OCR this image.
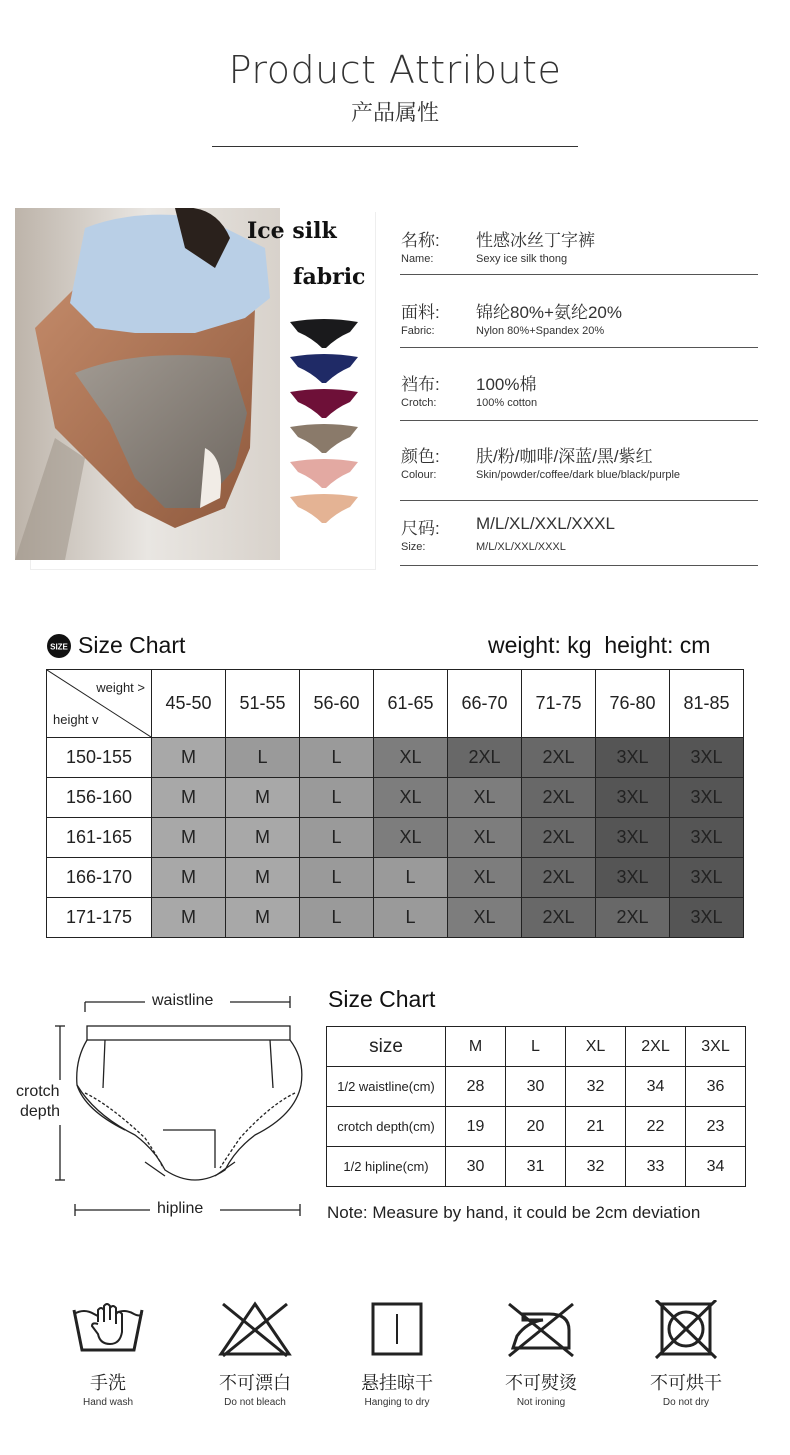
Product Attribute
产品属性
Ice silk
fabric
名称: 性感冰丝丁字裤
Name:	Sexy ice silk thong
面料: 锦纶80%+氨纶20%
Fabric:	Nylon 80%+Spandex 20%
裆布: 100%棉
Crotch:	100% cotton
颜色: 肤/粉/咖啡/深蓝/黑/紫红
Colour:	Skin/powder/coffee/dark blue/black/purple
尺码: M/L/XL/XXL/XXXL
Size:	M/L/XL/XXL/XXXL
SIZE Size Chart	weight: kg  height: cm
weight >
height v	45-50	51-55	56-60	61-65	66-70	71-75	76-80	81-85
150-155	M	L	L	XL	2XL	2XL	3XL	3XL
156-160	M	M	L	XL	XL	2XL	3XL	3XL
161-165	M	M	L	XL	XL	2XL	3XL	3XL
166-170	M	M	L	L	XL	2XL	3XL	3XL
171-175	M	M	L	L	XL	2XL	2XL	3XL
waistline
crotch
depth
hipline
Size Chart
size	M	L	XL	2XL	3XL
1/2 waistline(cm)	28	30	32	34	36
crotch depth(cm)	19	20	21	22	23
1/2 hipline(cm)	30	31	32	33	34
Note: Measure by hand, it could be 2cm deviation
手洗
Hand wash
不可漂白
Do not bleach
悬挂晾干
Hanging to dry
不可熨烫
Not ironing
不可烘干
Do not dry
